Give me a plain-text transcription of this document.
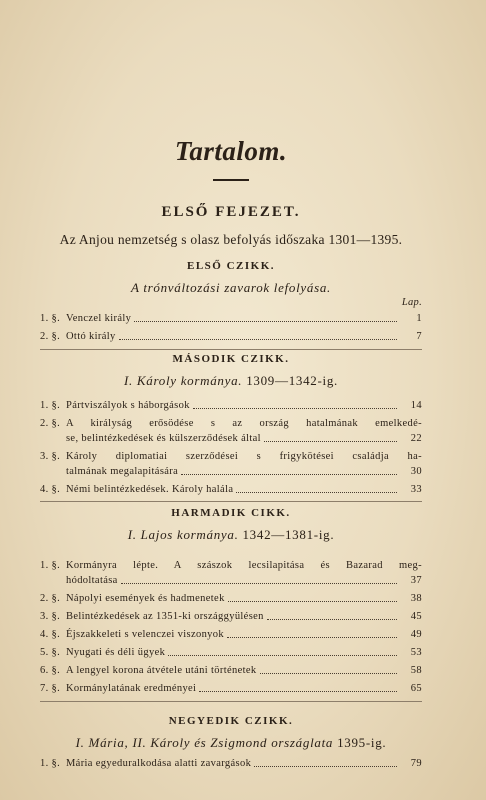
Tartalom.
ELSŐ FEJEZET.
Az Anjou nemzetség s olasz befolyás időszaka 1301—1395.
ELSŐ CZIKK.
A trónváltozási zavarok lefolyása.
Lap.
1. §. Venczel király	1
2. §. Ottó király	7
MÁSODIK CZIKK.
I. Károly kormánya. 1309—1342-ig.
1. §. Pártviszályok s háborgások	14
2. §. A királyság erősödése s az ország hatalmának emelkedé-
se, belintézkedések és külszerződések által	22
3. §. Károly diplomatiai szerződései s frigykötései családja ha-
talmának megalapitására	30
4. §. Némi belintézkedések. Károly halála	33
HARMADIK CIKK.
I. Lajos kormánya. 1342—1381-ig.
1. §. Kormányra lépte. A szászok lecsilapitása és Bazarad meg-
hódoltatása	37
2. §. Nápolyi események és hadmenetek	38
3. §. Belintézkedések az 1351-ki országgyülésen	45
4. §. Éjszakkeleti s velenczei viszonyok	49
5. §. Nyugati és déli ügyek	53
6. §. A lengyel korona átvétele utáni történetek	58
7. §. Kormánylatának eredményei	65
NEGYEDIK CZIKK.
I. Mária, II. Károly és Zsigmond országlata 1395-ig.
1. §. Mária egyeduralkodása alatti zavargások	79
